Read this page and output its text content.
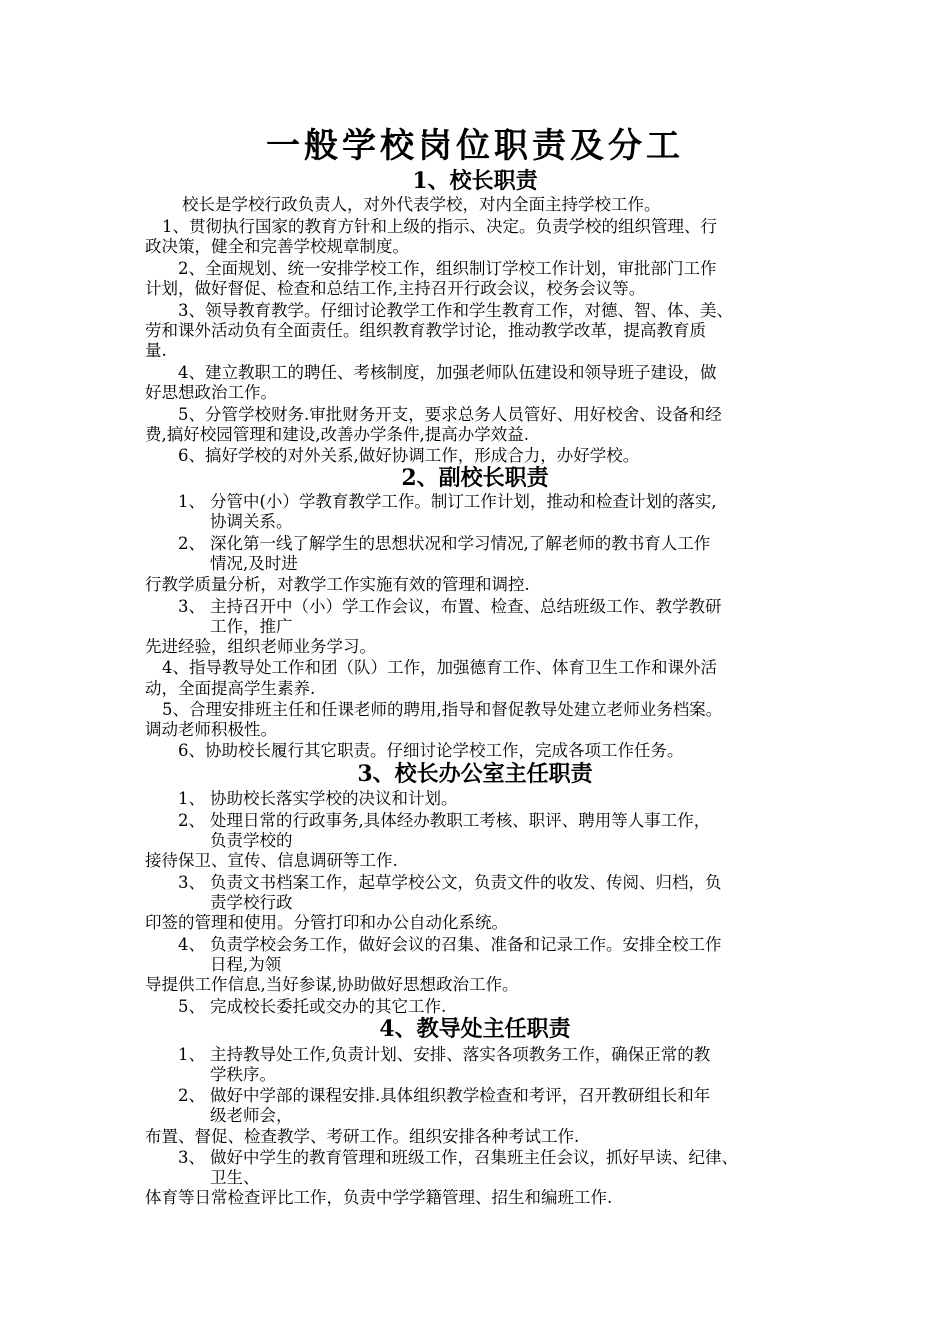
一般学校岗位职责及分工
1、校长职责
校长是学校行政负责人，对外代表学校，对内全面主持学校工作。
1、贯彻执行国家的教育方针和上级的指示、决定。负责学校的组织管理、行
政决策，健全和完善学校规章制度。
2、全面规划、统一安排学校工作，组织制订学校工作计划，审批部门工作
计划，做好督促、检查和总结工作,主持召开行政会议，校务会议等。
3、领导教育教学。仔细讨论教学工作和学生教育工作，对德、智、体、美、
劳和课外活动负有全面责任。组织教育教学讨论，推动教学改革，提高教育质
量.
4、建立教职工的聘任、考核制度，加强老师队伍建设和领导班子建设，做
好思想政治工作。
5、分管学校财务.审批财务开支，要求总务人员管好、用好校舍、设备和经
费,搞好校园管理和建设,改善办学条件,提高办学效益.
6、搞好学校的对外关系,做好协调工作，形成合力，办好学校。
2、副校长职责
1、 分管中(小）学教育教学工作。制订工作计划，推动和检查计划的落实,
协调关系。
2、 深化第一线了解学生的思想状况和学习情况,了解老师的教书育人工作
情况,及时进
行教学质量分析，对教学工作实施有效的管理和调控.
3、 主持召开中（小）学工作会议，布置、检查、总结班级工作、教学教研
工作，推广
先进经验，组织老师业务学习。
4、指导教导处工作和团（队）工作，加强德育工作、体育卫生工作和课外活
动，全面提高学生素养.
5、合理安排班主任和任课老师的聘用,指导和督促教导处建立老师业务档案。
调动老师积极性。
6、协助校长履行其它职责。仔细讨论学校工作，完成各项工作任务。
3、校长办公室主任职责
1、 协助校长落实学校的决议和计划。
2、 处理日常的行政事务,具体经办教职工考核、职评、聘用等人事工作，
负责学校的
接待保卫、宣传、信息调研等工作.
3、 负责文书档案工作，起草学校公文，负责文件的收发、传阅、归档，负
责学校行政
印签的管理和使用。分管打印和办公自动化系统。
4、 负责学校会务工作，做好会议的召集、准备和记录工作。安排全校工作
日程,为领
导提供工作信息,当好参谋,协助做好思想政治工作。
5、 完成校长委托或交办的其它工作.
4、教导处主任职责
1、 主持教导处工作,负责计划、安排、落实各项教务工作，确保正常的教
学秩序。
2、 做好中学部的课程安排.具体组织教学检查和考评，召开教研组长和年
级老师会，
布置、督促、检查教学、考研工作。组织安排各种考试工作.
3、 做好中学生的教育管理和班级工作，召集班主任会议，抓好早读、纪律、
卫生、
体育等日常检查评比工作，负责中学学籍管理、招生和编班工作.
